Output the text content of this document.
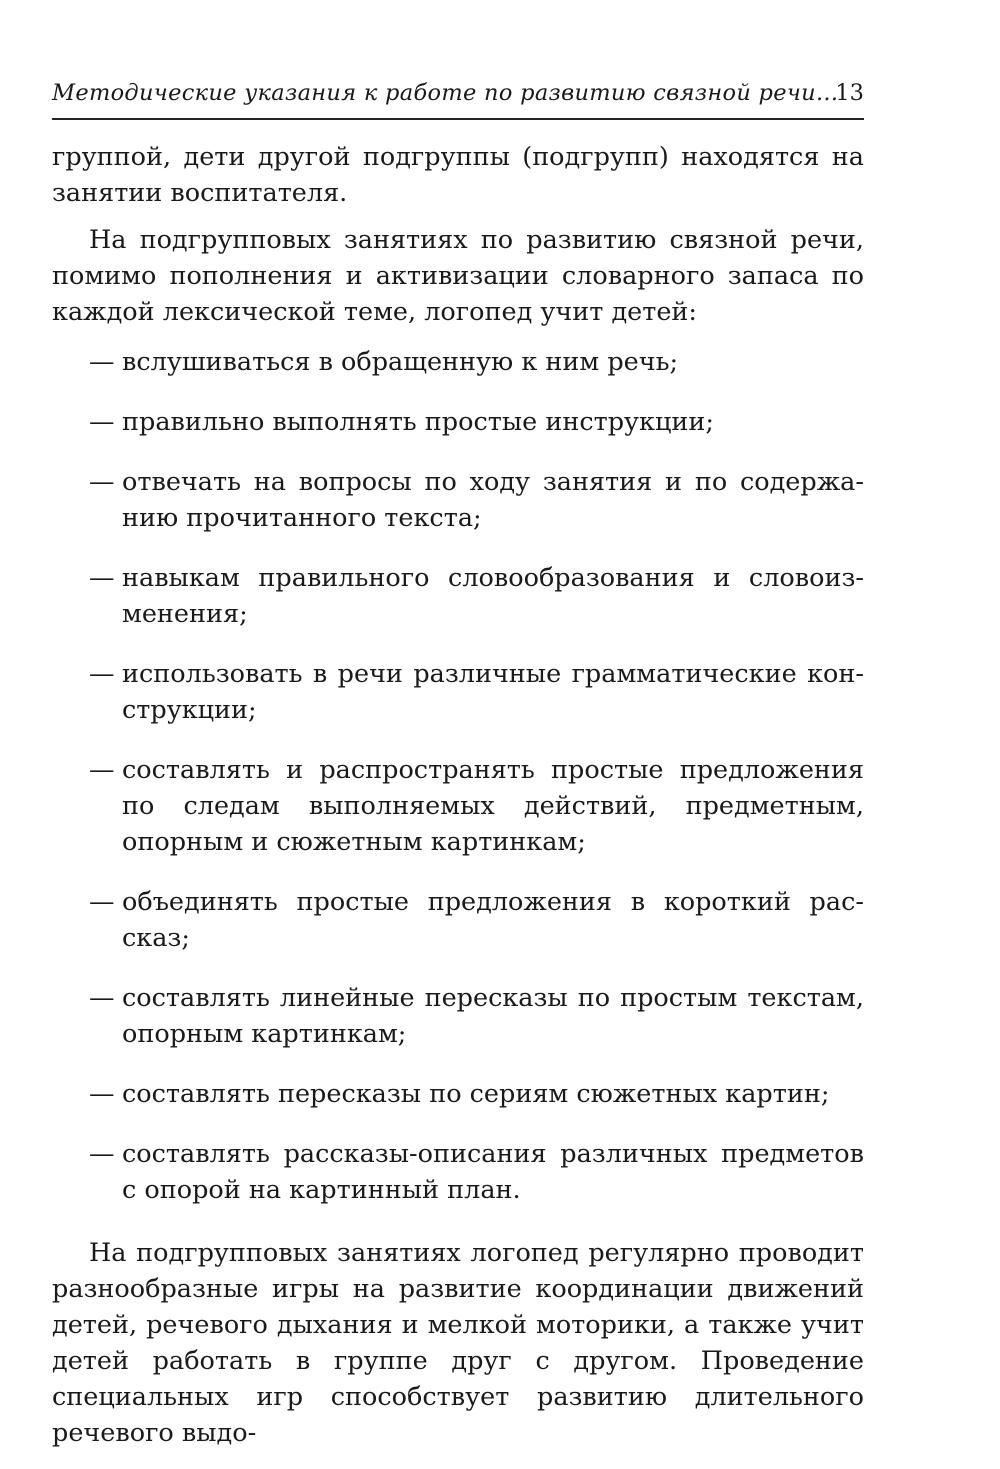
Методические указания к работе по развитию связной речи...
13
группой, дети другой подгруппы (подгрупп) находятся на занятии воспитателя.
На подгрупповых занятиях по развитию связной речи, помимо пополнения и активизации словарного запаса по каждой лексической теме, логопед учит детей:
— вслушиваться в обращенную к ним речь;
— правильно выполнять простые инструкции;
— отвечать на вопросы по ходу занятия и по содержанию прочитанного текста;
— навыкам правильного словообразования и словоизменения;
— использовать в речи различные грамматические конструкции;
— составлять и распространять простые предложения по следам выполняемых действий, предметным, опорным и сюжетным картинкам;
— объединять простые предложения в короткий рассказ;
— составлять линейные пересказы по простым текстам, опорным картинкам;
— составлять пересказы по сериям сюжетных картин;
— составлять рассказы-описания различных предметов с опорой на картинный план.
На подгрупповых занятиях логопед регулярно проводит разнообразные игры на развитие координации движений детей, речевого дыхания и мелкой моторики, а также учит детей работать в группе друг с другом. Проведение специальных игр способствует развитию длительного речевого выдо-
